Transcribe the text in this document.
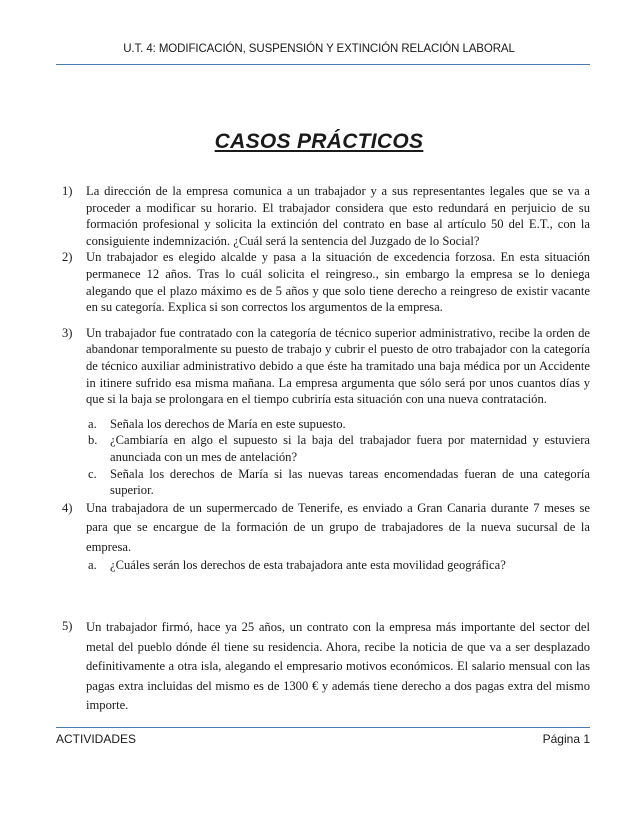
U.T. 4: MODIFICACIÓN, SUSPENSIÓN Y EXTINCIÓN RELACIÓN LABORAL
CASOS PRÁCTICOS
1) La dirección de la empresa comunica a un trabajador y a sus representantes legales que se va a proceder a modificar su horario. El trabajador considera que esto redundará en perjuicio de su formación profesional y solicita la extinción del contrato en base al artículo 50 del E.T., con la consiguiente indemnización. ¿Cuál será la sentencia del Juzgado de lo Social?
2) Un trabajador es elegido alcalde y pasa a la situación de excedencia forzosa. En esta situación permanece 12 años. Tras lo cuál solicita el reingreso., sin embargo la empresa se lo deniega alegando que el plazo máximo es de 5 años y que solo tiene derecho a reingreso de existir vacante en su categoría. Explica si son correctos los argumentos de la empresa.
3) Un trabajador fue contratado con la categoría de técnico superior administrativo, recibe la orden de abandonar temporalmente su puesto de trabajo y cubrir el puesto de otro trabajador con la categoría de técnico auxiliar administrativo debido a que éste ha tramitado una baja médica por un Accidente in itinere sufrido esa misma mañana. La empresa argumenta que sólo será por unos cuantos días y que si la baja se prolongara en el tiempo cubriría esta situación con una nueva contratación.
a. Señala los derechos de María en este supuesto.
b. ¿Cambiaría en algo el supuesto si la baja del trabajador fuera por maternidad y estuviera anunciada con un mes de antelación?
c. Señala los derechos de María si las nuevas tareas encomendadas fueran de una categoría superior.
4) Una trabajadora de un supermercado de Tenerife, es enviado a Gran Canaria durante 7 meses se para que se encargue de la formación de un grupo de trabajadores de la nueva sucursal de la empresa.
a. ¿Cuáles serán los derechos de esta trabajadora ante esta movilidad geográfica?
5) Un trabajador firmó, hace ya 25 años, un contrato con la empresa más importante del sector del metal del pueblo dónde él tiene su residencia. Ahora, recibe la noticia de que va a ser desplazado definitivamente a otra isla, alegando el empresario motivos económicos. El salario mensual con las pagas extra incluidas del mismo es de 1300 € y además tiene derecho a dos pagas extra del mismo importe.
ACTIVIDADES	Página 1
